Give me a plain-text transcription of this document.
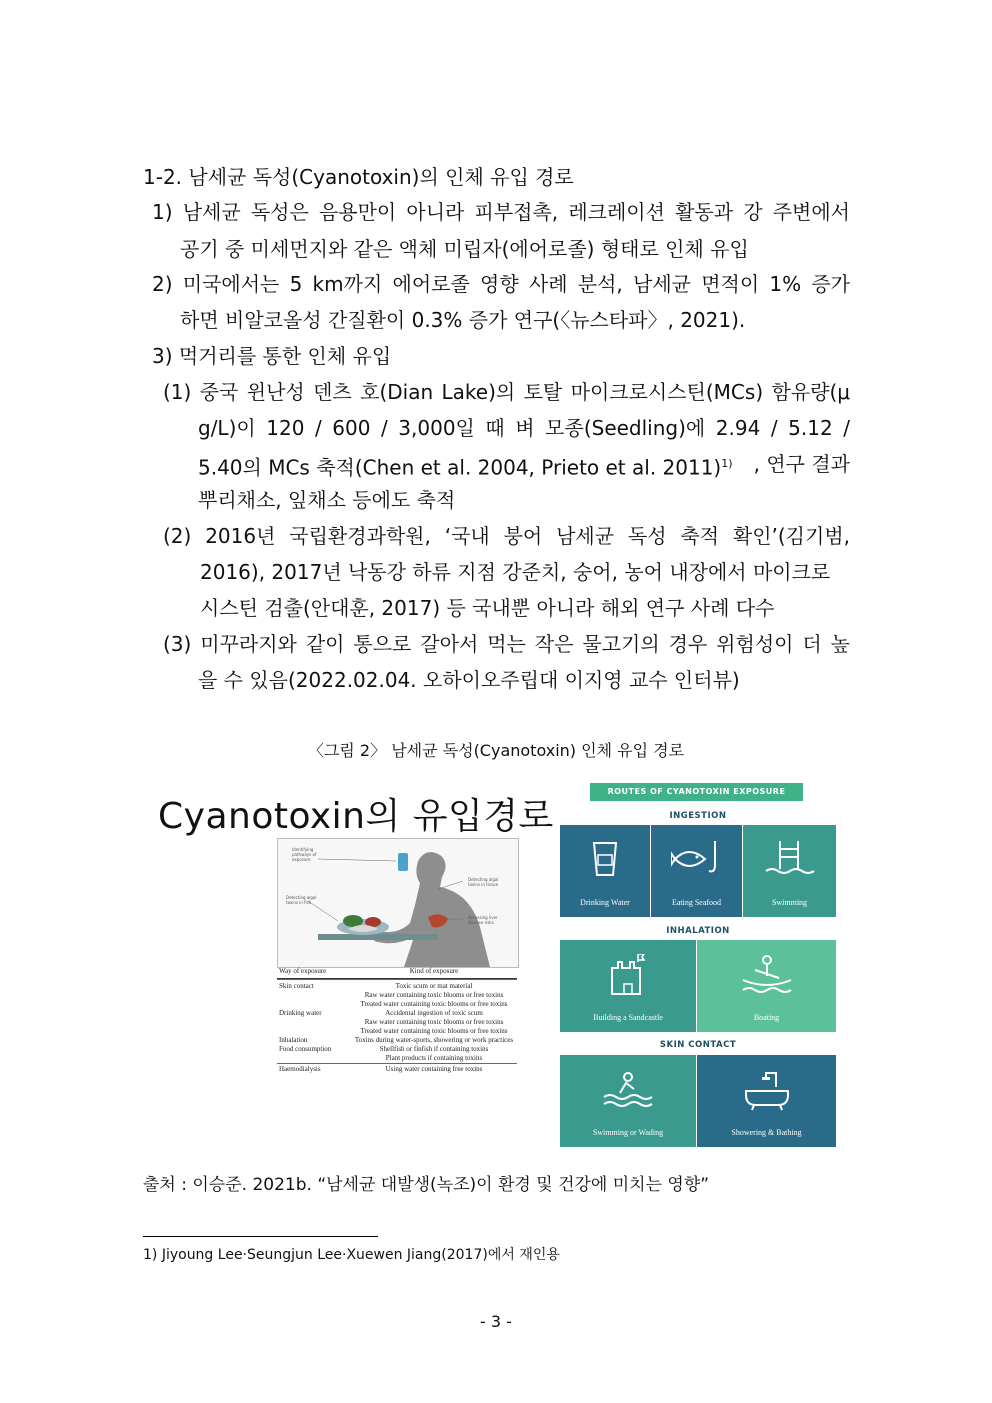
1-2. 남세균 독성(Cyanotoxin)의 인체 유입 경로
1) 남세균 독성은 음용만이 아니라 피부접촉, 레크레이션 활동과 강 주변에서
공기 중 미세먼지와 같은 액체 미립자(에어로졸) 형태로 인체 유입
2) 미국에서는 5 km까지 에어로졸 영향 사례 분석, 남세균 면적이 1% 증가
하면 비알코올성 간질환이 0.3% 증가 연구(〈뉴스타파〉, 2021).
3) 먹거리를 통한 인체 유입
(1) 중국 윈난성 덴츠 호(Dian Lake)의 토탈 마이크로시스틴(MCs) 함유량(μ
g/L)이 120 / 600 / 3,000일 때 벼 모종(Seedling)에 2.94 / 5.12 /
5.40의 MCs 축적(Chen et al. 2004, Prieto et al. 2011)$^{1)}$ , 연구 결과
뿌리채소, 잎채소 등에도 축적
(2) 2016년 국립환경과학원, ‘국내 붕어 남세균 독성 축적 확인’(김기범,
2016), 2017년 낙동강 하류 지점 강준치, 숭어, 농어 내장에서 마이크로
시스틴 검출(안대훈, 2017) 등 국내뿐 아니라 해외 연구 사례 다수
(3) 미꾸라지와 같이 통으로 갈아서 먹는 작은 물고기의 경우 위험성이 더 높
을 수 있음(2022.02.04. 오하이오주립대 이지영 교수 인터뷰)
〈그림 2〉 남세균 독성(Cyanotoxin) 인체 유입 경로
Cyanotoxin의 유입경로
Identifying
pathways of
exposure
Detecting algal
toxins in tissue
Detecting algal
toxins in fish
Assessing liver
disease risks
Way of exposure	Kind of exposure
Skin contact	Toxic scum or mat material
Raw water containing toxic blooms or free toxins
Treated water containing toxic blooms or free toxins
Drinking water	Accidental ingestion of toxic scum
Raw water containing toxic blooms or free toxins
Treated water containing toxic blooms or free toxins
Inhalation	Toxins during water-sports, showering or work practices
Food consumption	Shellfish or finfish if containing toxins
Plant products if containing toxins
Haemodialysis	Using water containing free toxins
ROUTES OF CYANOTOXIN EXPOSURE
INGESTION
Drinking Water	Eating Seafood	Swimming
INHALATION
Building a Sandcastle	Boating
SKIN CONTACT
Swimming or Wading	Showering & Bathing
출처 : 이승준. 2021b. “남세균 대발생(녹조)이 환경 및 건강에 미치는 영향”
1) Jiyoung Lee·Seungjun Lee·Xuewen Jiang(2017)에서 재인용
- 3 -
